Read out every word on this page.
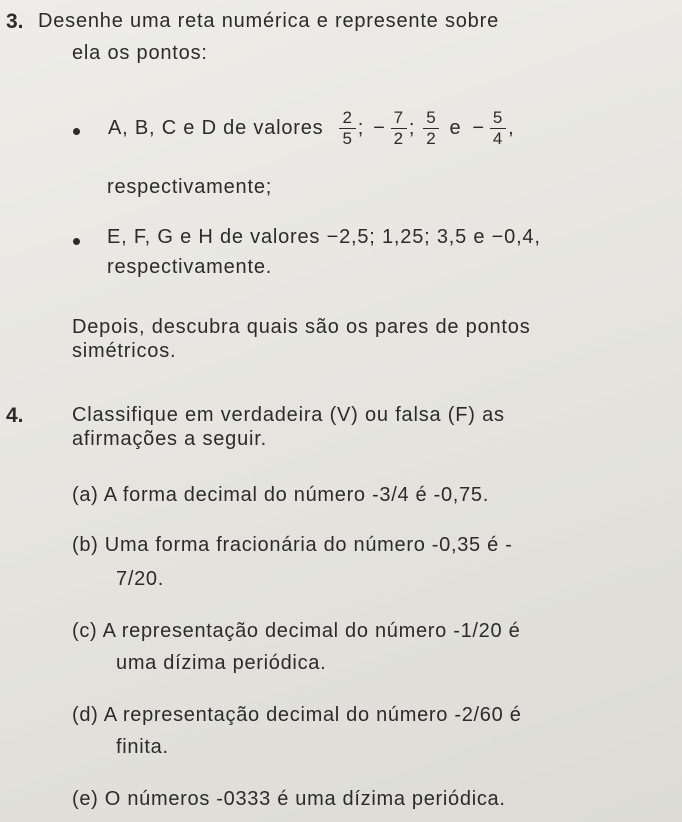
3. Desenhe uma reta numérica e represente sobre
ela os pontos:
A, B, C e D de valores $\frac{2}{5}$ ; − $\frac{7}{2}$ ; $\frac{5}{2}$ $e - \frac{5}{4}$ ,
respectivamente;
E, F, G e H de valores −2,5; 1,25; 3,5 e −0,4,
respectivamente.
Depois, descubra quais são os pares de pontos
simétricos.
4. Classifique em verdadeira (V) ou falsa (F) as
afirmações a seguir.
(a) A forma decimal do número -3/4 é -0,75.
(b) Uma forma fracionária do número -0,35 é -
7/20.
(c) A representação decimal do número -1/20 é
uma dízima periódica.
(d) A representação decimal do número -2/60 é
finita.
(e) O números -0333 é uma dízima periódica.
